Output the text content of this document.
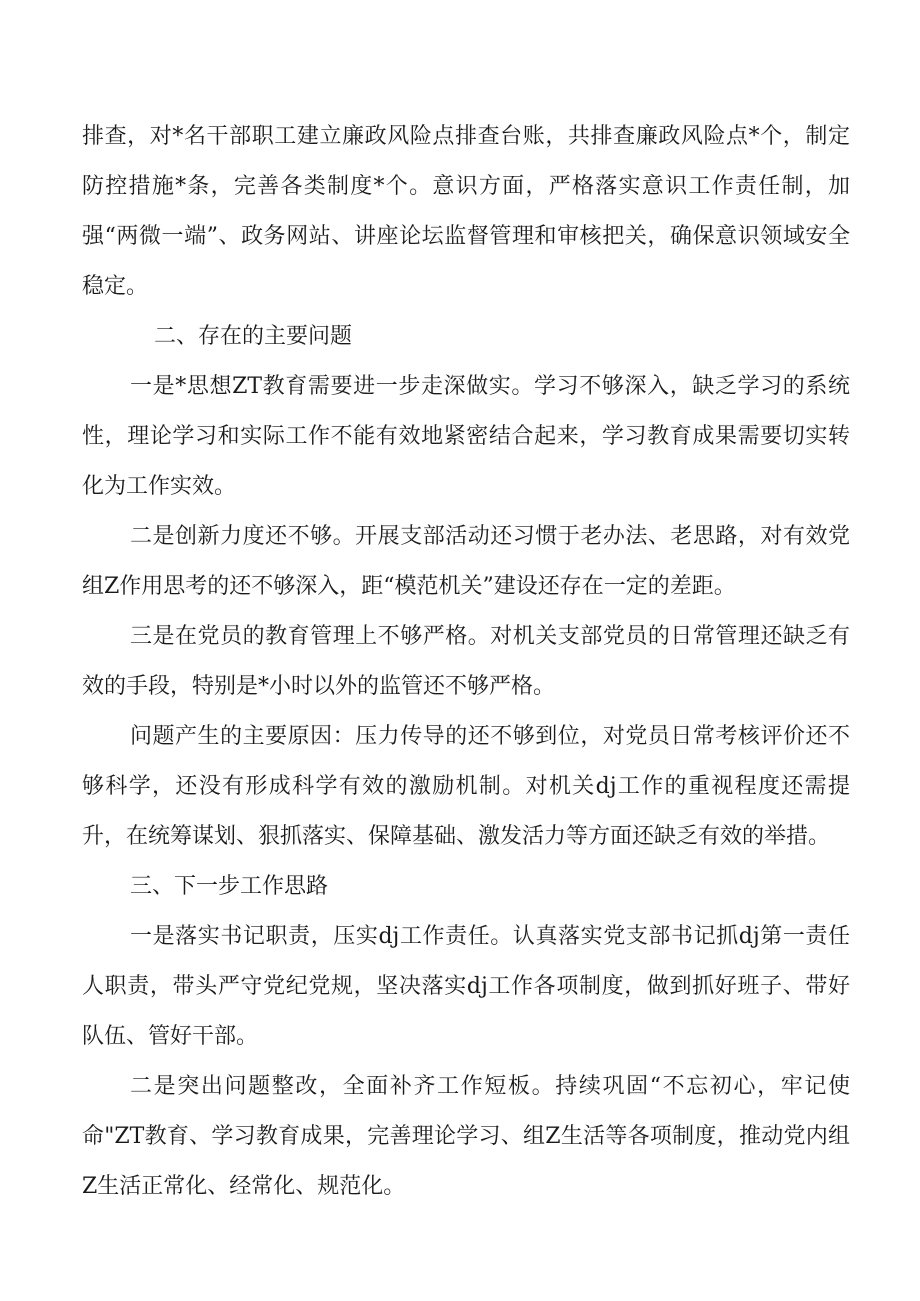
排查，对*名干部职工建立廉政风险点排查台账，共排查廉政风险点*个，制定防控措施*条，完善各类制度*个。意识方面，严格落实意识工作责任制，加强“两微一端”、政务网站、讲座论坛监督管理和审核把关，确保意识领域安全稳定。

二、存在的主要问题

一是*思想ZT教育需要进一步走深做实。学习不够深入，缺乏学习的系统性，理论学习和实际工作不能有效地紧密结合起来，学习教育成果需要切实转化为工作实效。

二是创新力度还不够。开展支部活动还习惯于老办法、老思路，对有效党组Z作用思考的还不够深入，距“模范机关”建设还存在一定的差距。

三是在党员的教育管理上不够严格。对机关支部党员的日常管理还缺乏有效的手段，特别是*小时以外的监管还不够严格。

问题产生的主要原因：压力传导的还不够到位，对党员日常考核评价还不够科学，还没有形成科学有效的激励机制。对机关dj工作的重视程度还需提升，在统筹谋划、狠抓落实、保障基础、激发活力等方面还缺乏有效的举措。

三、下一步工作思路

一是落实书记职责，压实dj工作责任。认真落实党支部书记抓dj第一责任人职责，带头严守党纪党规，坚决落实dj工作各项制度，做到抓好班子、带好队伍、管好干部。

二是突出问题整改，全面补齐工作短板。持续巩固“不忘初心，牢记使命"ZT教育、学习教育成果，完善理论学习、组Z生活等各项制度，推动党内组Z生活正常化、经常化、规范化。
